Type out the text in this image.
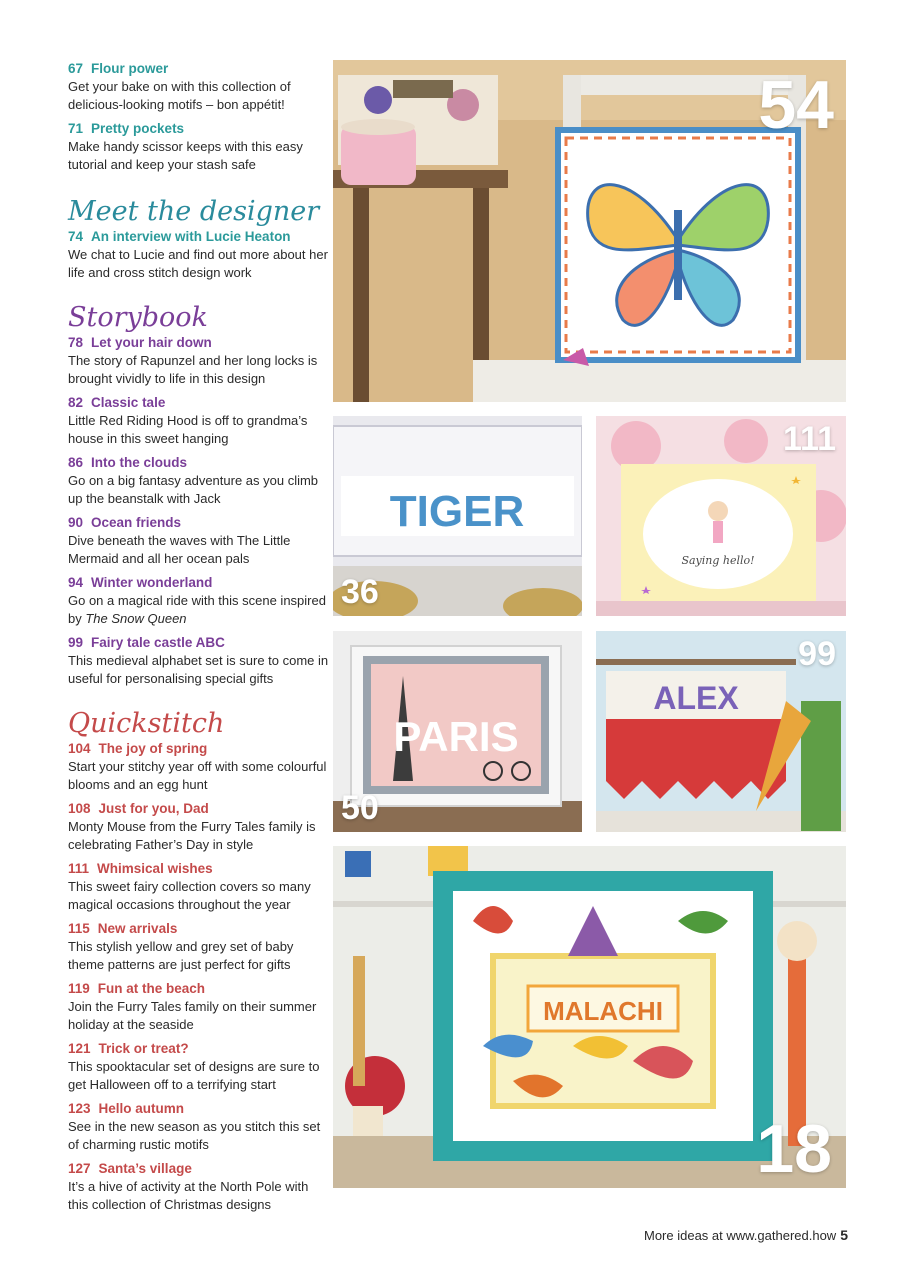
67 Flour power
Get your bake on with this collection of delicious-looking motifs – bon appétit!
71 Pretty pockets
Make handy scissor keeps with this easy tutorial and keep your stash safe
Meet the designer
74 An interview with Lucie Heaton
We chat to Lucie and find out more about her life and cross stitch design work
Storybook
78 Let your hair down
The story of Rapunzel and her long locks is brought vividly to life in this design
82 Classic tale
Little Red Riding Hood is off to grandma’s house in this sweet hanging
86 Into the clouds
Go on a big fantasy adventure as you climb up the beanstalk with Jack
90 Ocean friends
Dive beneath the waves with The Little Mermaid and all her ocean pals
94 Winter wonderland
Go on a magical ride with this scene inspired by The Snow Queen
99 Fairy tale castle ABC
This medieval alphabet set is sure to come in useful for personalising special gifts
Quickstitch
104 The joy of spring
Start your stitchy year off with some colourful blooms and an egg hunt
108 Just for you, Dad
Monty Mouse from the Furry Tales family is celebrating Father’s Day in style
111 Whimsical wishes
This sweet fairy collection covers so many magical occasions throughout the year
115 New arrivals
This stylish yellow and grey set of baby theme patterns are just perfect for gifts
119 Fun at the beach
Join the Furry Tales family on their summer holiday at the seaside
121 Trick or treat?
This spooktacular set of designs are sure to get Halloween off to a terrifying start
123 Hello autumn
See in the new season as you stitch this set of charming rustic motifs
127 Santa’s village
It’s a hive of activity at the North Pole with this collection of Christmas designs
54
TIGER
36
Saying hello!
111
PARIS
50
ALEX
99
MALACHI
18
More ideas at www.gathered.how 5
